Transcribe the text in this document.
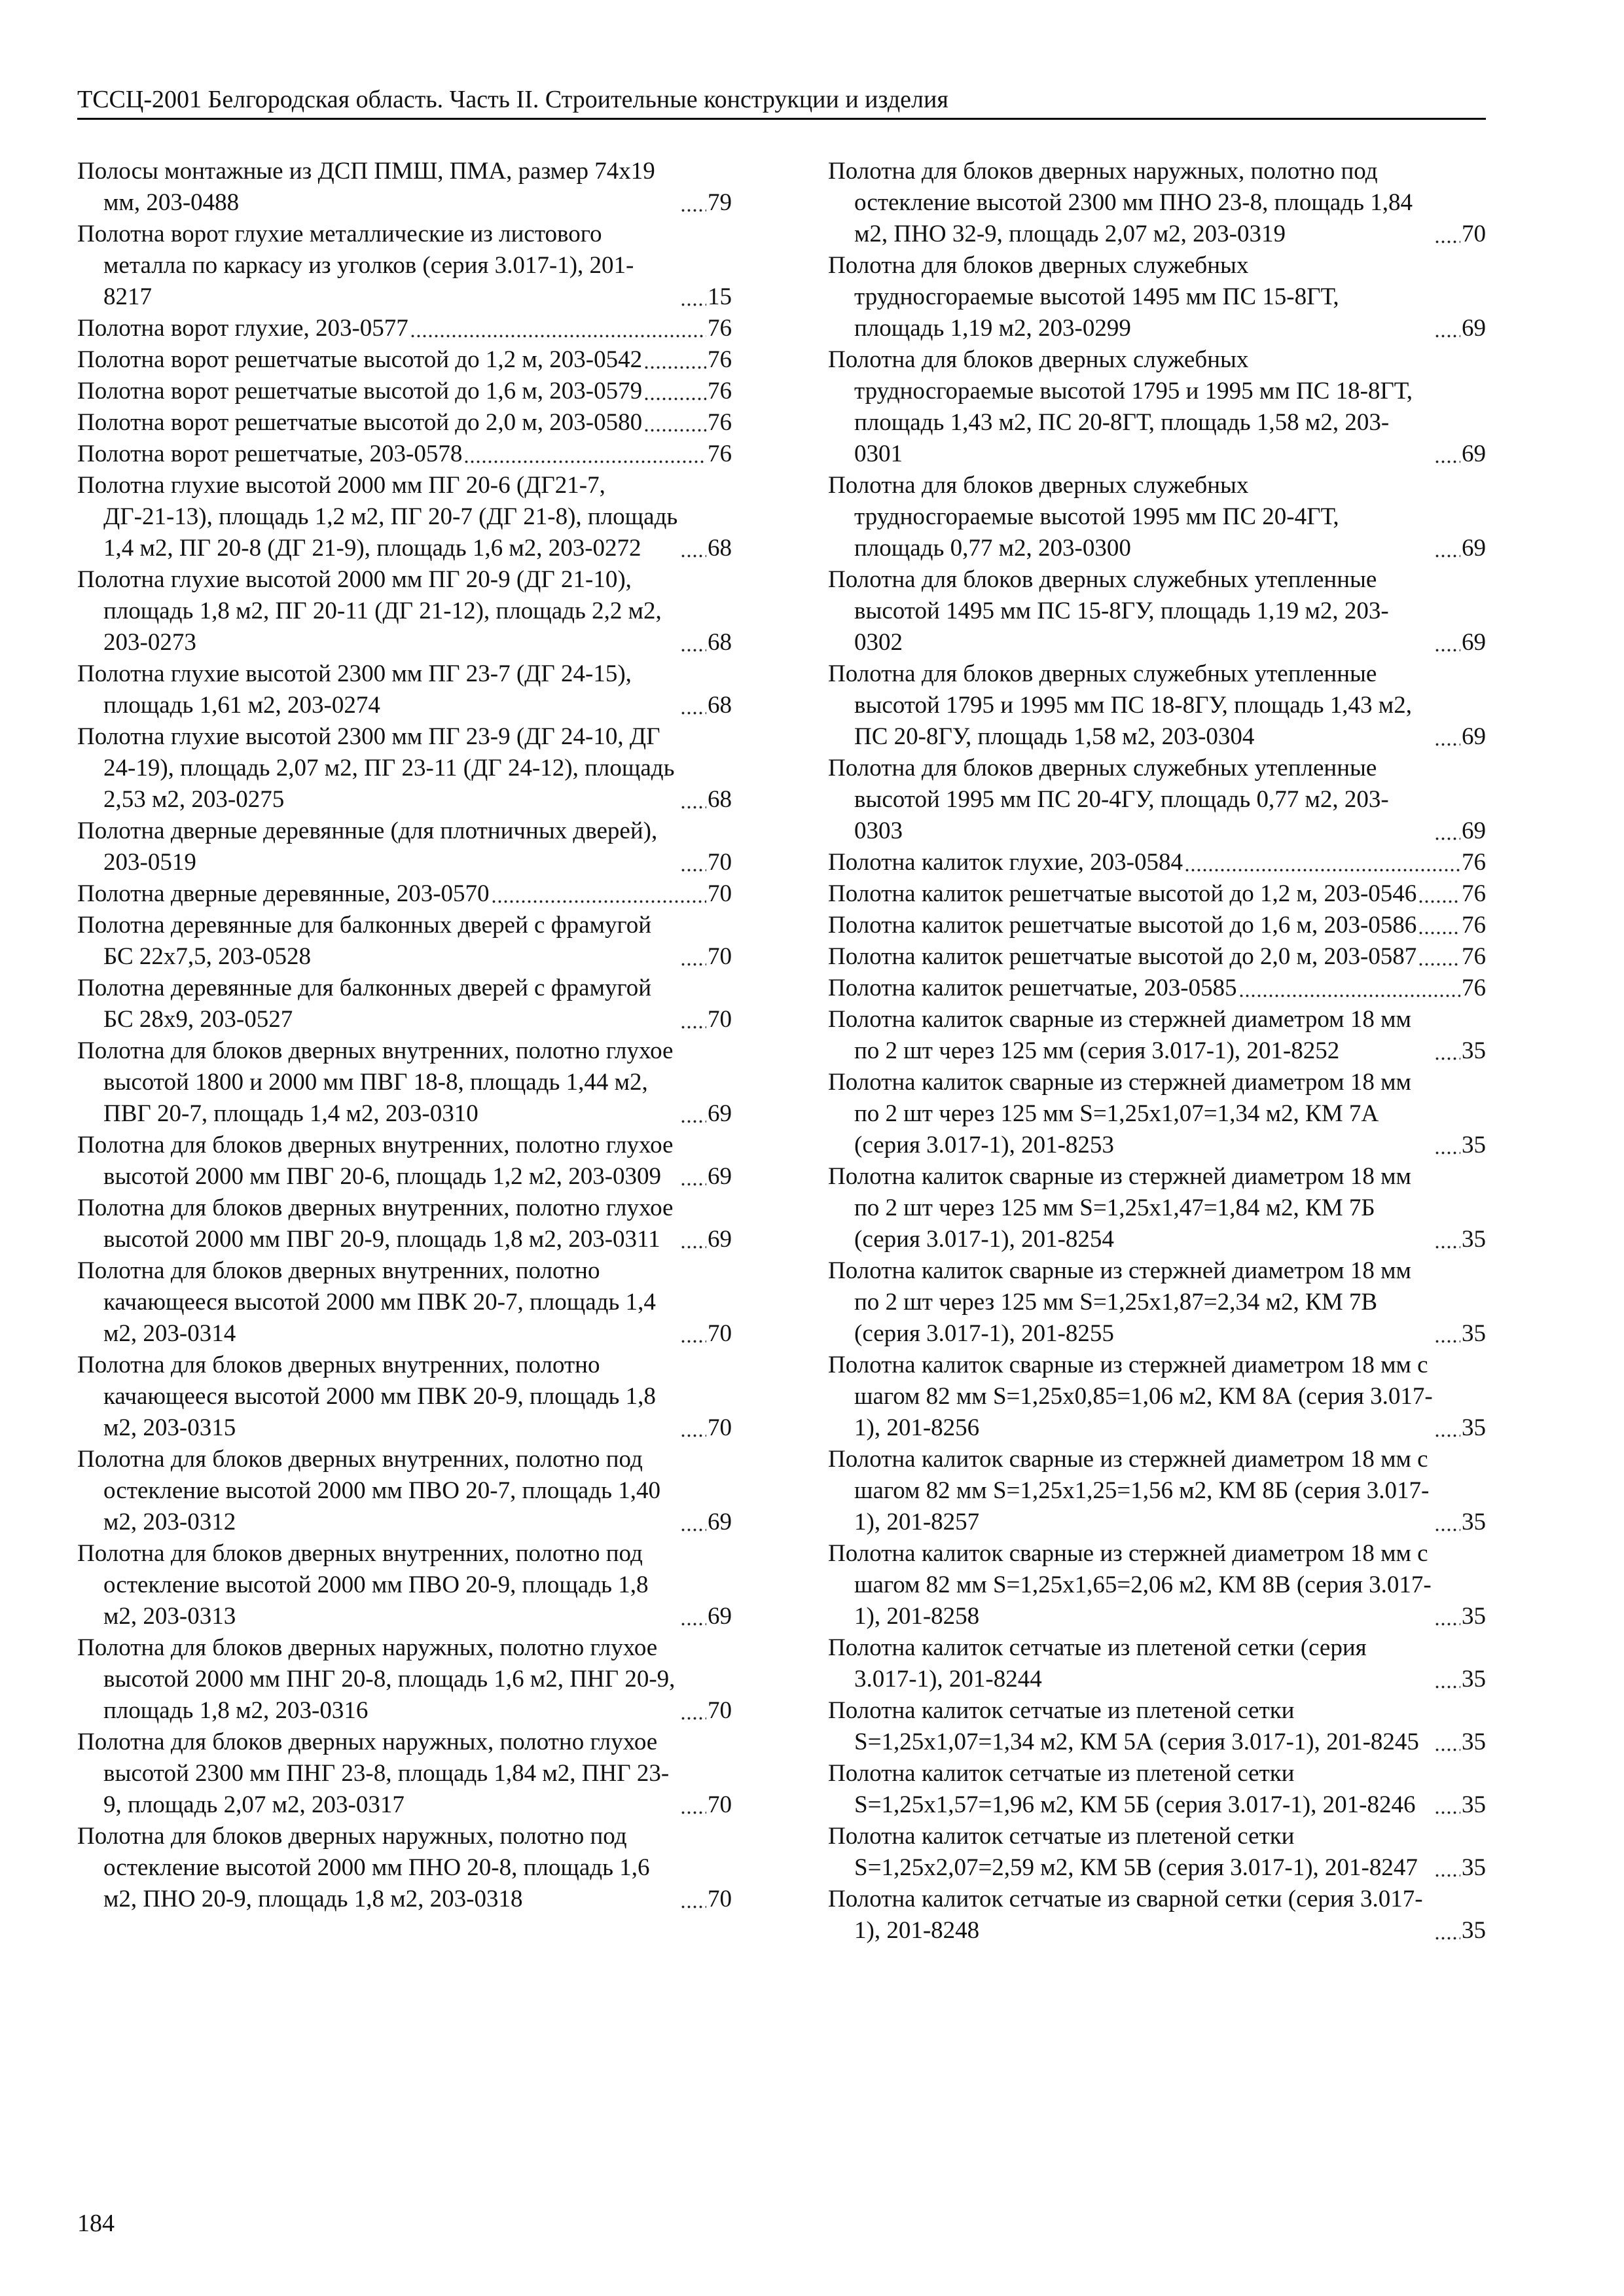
ТССЦ-2001 Белгородская область. Часть II. Строительные конструкции и изделия
Полосы монтажные из ДСП ПМШ, ПМА, размер 74х19 мм, 203-0488	79
Полотна ворот глухие металлические из листового металла по каркасу из уголков (серия 3.017-1), 201-8217	15
Полотна ворот глухие, 203-0577	76
Полотна ворот решетчатые высотой до 1,2 м, 203-0542	76
Полотна ворот решетчатые высотой до 1,6 м, 203-0579	76
Полотна ворот решетчатые высотой до 2,0 м, 203-0580	76
Полотна ворот решетчатые, 203-0578	76
Полотна глухие высотой 2000 мм ПГ 20-6 (ДГ21-7, ДГ-21-13), площадь 1,2 м2, ПГ 20-7 (ДГ 21-8), площадь 1,4 м2, ПГ 20-8 (ДГ 21-9), площадь 1,6 м2, 203-0272	68
Полотна глухие высотой 2000 мм ПГ 20-9 (ДГ 21-10), площадь 1,8 м2, ПГ 20-11 (ДГ 21-12), площадь 2,2 м2, 203-0273	68
Полотна глухие высотой 2300 мм ПГ 23-7 (ДГ 24-15), площадь 1,61 м2, 203-0274	68
Полотна глухие высотой 2300 мм ПГ 23-9 (ДГ 24-10, ДГ 24-19), площадь 2,07 м2, ПГ 23-11 (ДГ 24-12), площадь 2,53 м2, 203-0275	68
Полотна дверные деревянные (для плотничных дверей), 203-0519	70
Полотна дверные деревянные, 203-0570	70
Полотна деревянные для балконных дверей с фрамугой БС 22х7,5, 203-0528	70
Полотна деревянные для балконных дверей с фрамугой БС 28х9, 203-0527	70
Полотна для блоков дверных внутренних, полотно глухое высотой 1800 и 2000 мм ПВГ 18-8, площадь 1,44 м2, ПВГ 20-7, площадь 1,4 м2, 203-0310	69
Полотна для блоков дверных внутренних, полотно глухое высотой 2000 мм ПВГ 20-6, площадь 1,2 м2, 203-0309	69
Полотна для блоков дверных внутренних, полотно глухое высотой 2000 мм ПВГ 20-9, площадь 1,8 м2, 203-0311	69
Полотна для блоков дверных внутренних, полотно качающееся высотой 2000 мм ПВК 20-7, площадь 1,4 м2, 203-0314	70
Полотна для блоков дверных внутренних, полотно качающееся высотой 2000 мм ПВК 20-9, площадь 1,8 м2, 203-0315	70
Полотна для блоков дверных внутренних, полотно под остекление высотой 2000 мм ПВО 20-7, площадь 1,40 м2, 203-0312	69
Полотна для блоков дверных внутренних, полотно под остекление высотой 2000 мм ПВО 20-9, площадь 1,8 м2, 203-0313	69
Полотна для блоков дверных наружных, полотно глухое высотой 2000 мм ПНГ 20-8, площадь 1,6 м2, ПНГ 20-9, площадь 1,8 м2, 203-0316	70
Полотна для блоков дверных наружных, полотно глухое высотой 2300 мм ПНГ 23-8, площадь 1,84 м2, ПНГ 23-9, площадь 2,07 м2, 203-0317	70
Полотна для блоков дверных наружных, полотно под остекление высотой 2000 мм ПНО 20-8, площадь 1,6 м2, ПНО 20-9, площадь 1,8 м2, 203-0318	70
Полотна для блоков дверных наружных, полотно под остекление высотой 2300 мм ПНО 23-8, площадь 1,84 м2, ПНО 32-9, площадь 2,07 м2, 203-0319	70
Полотна для блоков дверных служебных трудносгораемые высотой 1495 мм ПС 15-8ГТ, площадь 1,19 м2, 203-0299	69
Полотна для блоков дверных служебных трудносгораемые высотой 1795 и 1995 мм ПС 18-8ГТ, площадь 1,43 м2, ПС 20-8ГТ, площадь 1,58 м2, 203-0301	69
Полотна для блоков дверных служебных трудносгораемые высотой 1995 мм ПС 20-4ГТ, площадь 0,77 м2, 203-0300	69
Полотна для блоков дверных служебных утепленные высотой 1495 мм ПС 15-8ГУ, площадь 1,19 м2, 203-0302	69
Полотна для блоков дверных служебных утепленные высотой 1795 и 1995 мм ПС 18-8ГУ, площадь 1,43 м2, ПС 20-8ГУ, площадь 1,58 м2, 203-0304	69
Полотна для блоков дверных служебных утепленные высотой 1995 мм ПС 20-4ГУ, площадь 0,77 м2, 203-0303	69
Полотна калиток глухие, 203-0584	76
Полотна калиток решетчатые высотой до 1,2 м, 203-0546 76
Полотна калиток решетчатые высотой до 1,6 м, 203-0586 76
Полотна калиток решетчатые высотой до 2,0 м, 203-0587 76
Полотна калиток решетчатые, 203-0585	76
Полотна калиток сварные из стержней диаметром 18 мм по 2 шт через 125 мм (серия 3.017-1), 201-8252	35
Полотна калиток сварные из стержней диаметром 18 мм по 2 шт через 125 мм S=1,25х1,07=1,34 м2, КМ 7А (серия 3.017-1), 201-8253	35
Полотна калиток сварные из стержней диаметром 18 мм по 2 шт через 125 мм S=1,25х1,47=1,84 м2, КМ 7Б (серия 3.017-1), 201-8254	35
Полотна калиток сварные из стержней диаметром 18 мм по 2 шт через 125 мм S=1,25х1,87=2,34 м2, КМ 7В (серия 3.017-1), 201-8255	35
Полотна калиток сварные из стержней диаметром 18 мм с шагом 82 мм S=1,25х0,85=1,06 м2, КМ 8А (серия 3.017-1), 201-8256	35
Полотна калиток сварные из стержней диаметром 18 мм с шагом 82 мм S=1,25х1,25=1,56 м2, КМ 8Б (серия 3.017-1), 201-8257	35
Полотна калиток сварные из стержней диаметром 18 мм с шагом 82 мм S=1,25х1,65=2,06 м2, КМ 8В (серия 3.017-1), 201-8258	35
Полотна калиток сетчатые из плетеной сетки (серия 3.017-1), 201-8244	35
Полотна калиток сетчатые из плетеной сетки S=1,25х1,07=1,34 м2, КМ 5А (серия 3.017-1), 201-8245	35
Полотна калиток сетчатые из плетеной сетки S=1,25х1,57=1,96 м2, КМ 5Б (серия 3.017-1), 201-8246	35
Полотна калиток сетчатые из плетеной сетки S=1,25х2,07=2,59 м2, КМ 5В (серия 3.017-1), 201-8247	35
Полотна калиток сетчатые из сварной сетки (серия 3.017-1), 201-8248	35
184
